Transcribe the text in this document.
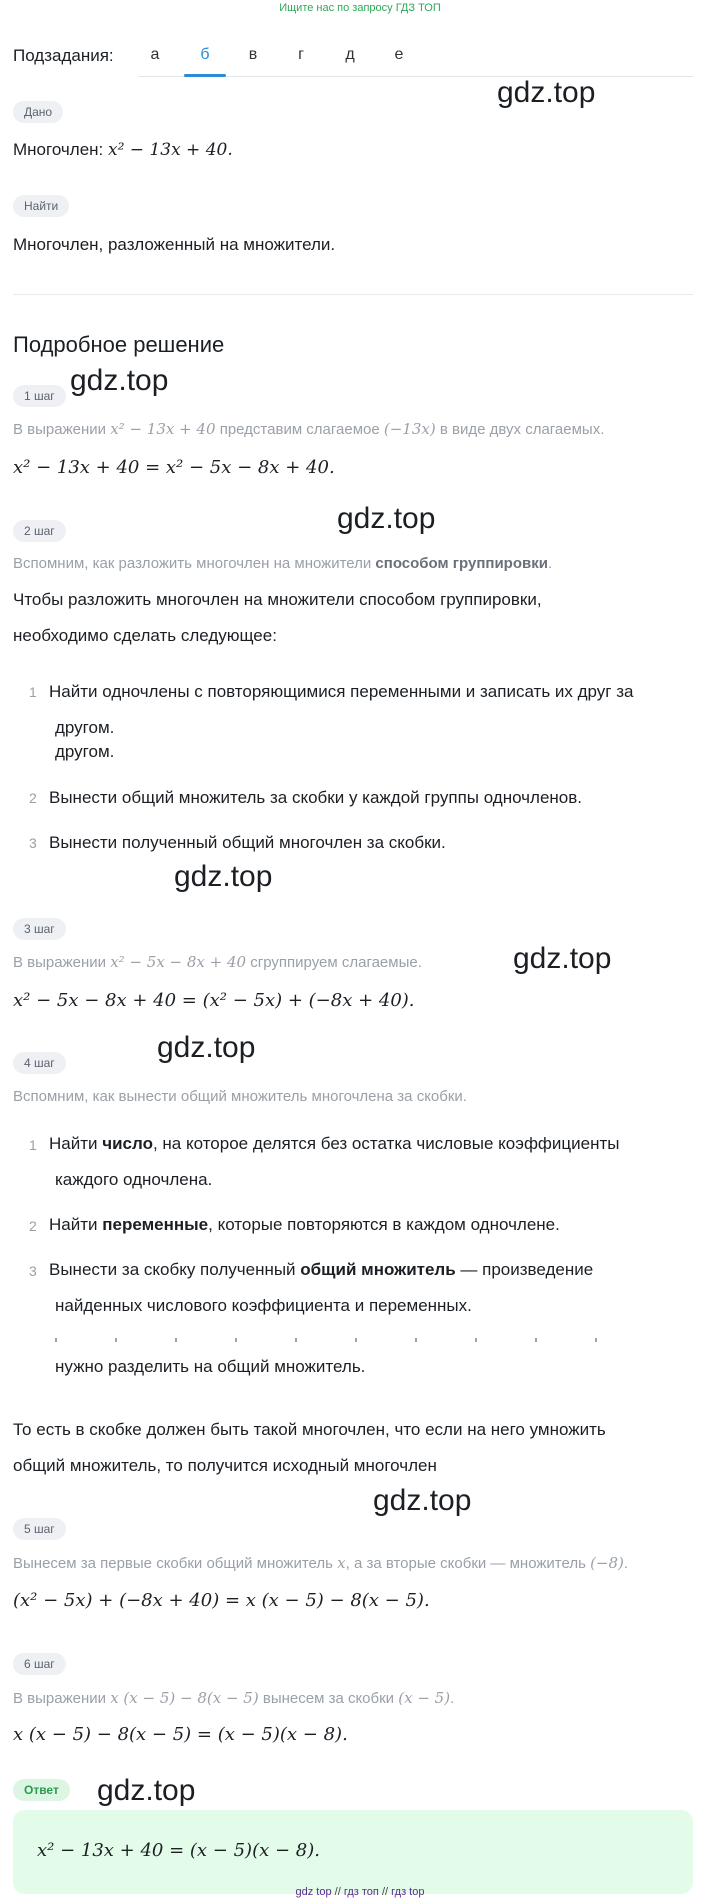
Ищите нас по запросу ГДЗ ТОП
Подзадания:	а	б	в	г	д	е
gdz.top
gdz.top
gdz.top
gdz.top
gdz.top
gdz.top
gdz.top
gdz.top
Дано
Многочлен: x² − 13x + 40.
Найти
Многочлен, разложенный на множители.
Подробное решение
1 шаг
В выражении x² − 13x + 40 представим слагаемое (−13x) в виде двух слагаемых.
x² − 13x + 40 = x² − 5x − 8x + 40.
2 шаг
Вспомним, как разложить многочлен на множители способом группировки.
Чтобы разложить многочлен на множители способом группировки,
необходимо сделать следующее:
1 Найти одночлены с повторяющимися переменными и записать их друг за
другом.
другом.
2 Вынести общий множитель за скобки у каждой группы одночленов.
3 Вынести полученный общий многочлен за скобки.
3 шаг
В выражении x² − 5x − 8x + 40 сгруппируем слагаемые.
x² − 5x − 8x + 40 = (x² − 5x) + (−8x + 40).
4 шаг
Вспомним, как вынести общий множитель многочлена за скобки.
1 Найти число, на которое делятся без остатка числовые коэффициенты
каждого одночлена.
2 Найти переменные, которые повторяются в каждом одночлене.
3 Вынести за скобку полученный общий множитель — произведение
найденных числового коэффициента и переменных.
нужно разделить на общий множитель.
То есть в скобке должен быть такой многочлен, что если на него умножить
общий множитель, то получится исходный многочлен
5 шаг
Вынесем за первые скобки общий множитель x, а за вторые скобки — множитель (−8).
(x² − 5x) + (−8x + 40) = x (x − 5) − 8(x − 5).
6 шаг
В выражении x (x − 5) − 8(x − 5) вынесем за скобки (x − 5).
x (x − 5) − 8(x − 5) = (x − 5)(x − 8).
Ответ
x² − 13x + 40 = (x − 5)(x − 8).
gdz top // гдз топ // гдз top
